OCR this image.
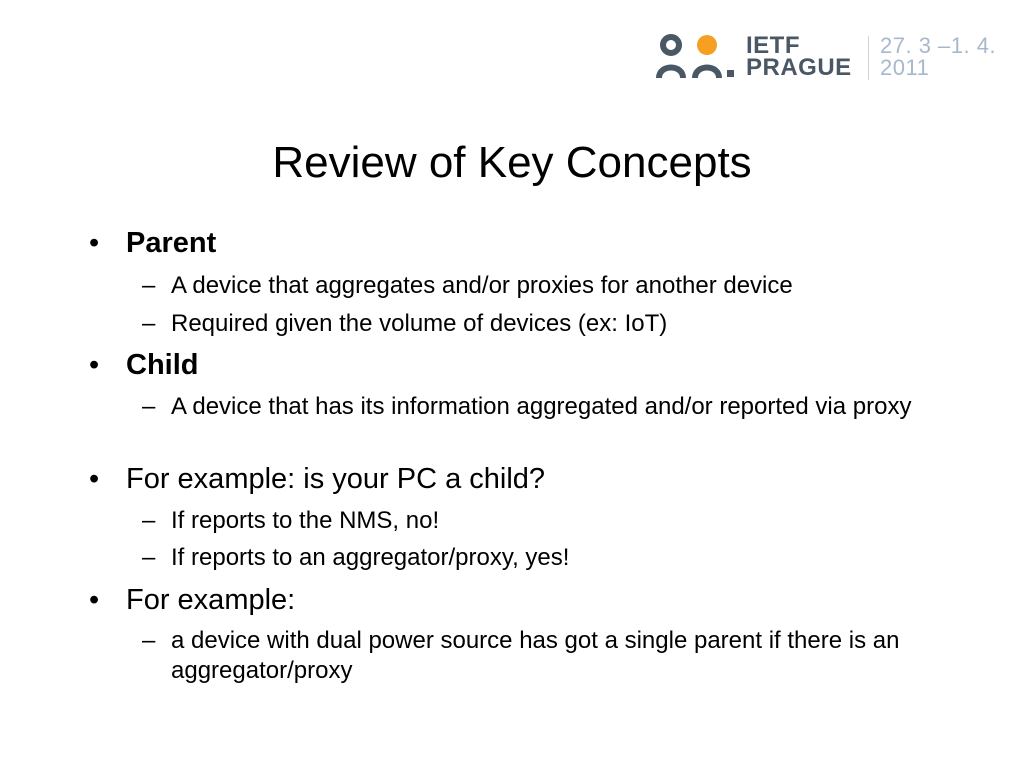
IETF
PRAGUE
27. 3 –1. 4.
2011
Review of Key Concepts
• Parent
– A device that aggregates and/or proxies for another device
– Required given the volume of devices (ex: IoT)
• Child
– A device that has its information aggregated and/or reported via proxy
• For example: is your PC a child?
– If reports to the NMS, no!
– If reports to an aggregator/proxy, yes!
• For example:
– a device with dual power source has got a single parent if there is an aggregator/proxy
